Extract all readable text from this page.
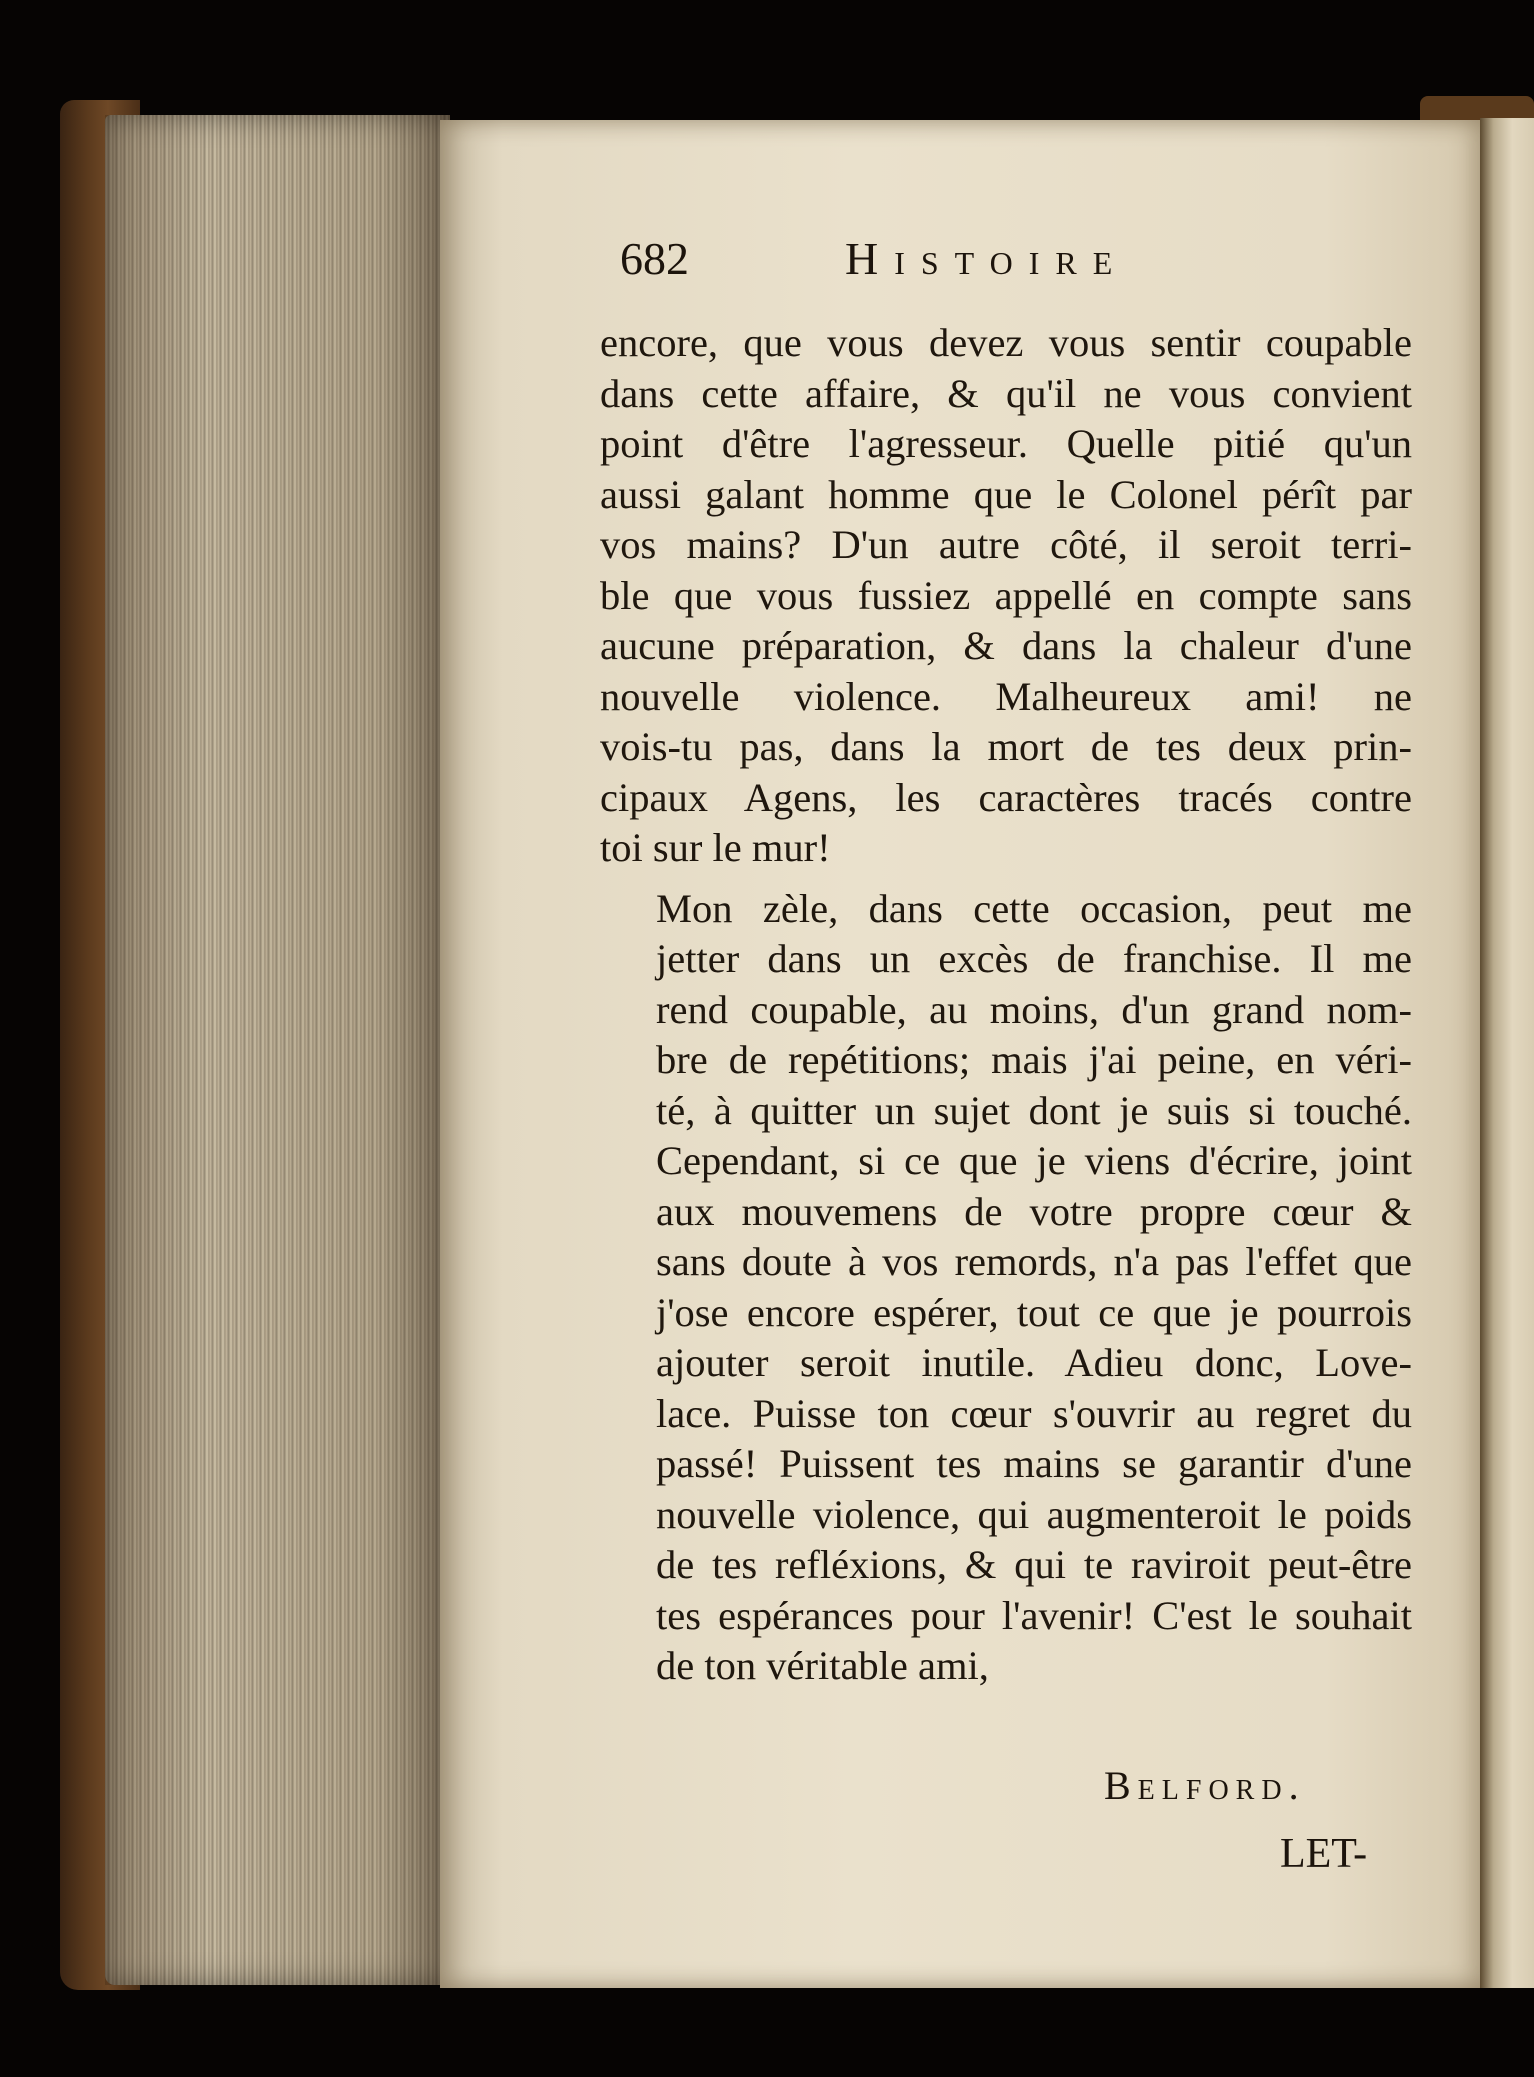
682	Histoire

encore, que vous devez vous sentir coupable
dans cette affaire, & qu'il ne vous convient
point d'être l'agresseur. Quelle pitié qu'un
aussi galant homme que le Colonel pérît par
vos mains? D'un autre côté, il seroit terri-
ble que vous fussiez appellé en compte sans
aucune préparation, & dans la chaleur d'une
nouvelle violence. Malheureux ami! ne
vois-tu pas, dans la mort de tes deux prin-
cipaux Agens, les caractères tracés contre
toi sur le mur!

Mon zèle, dans cette occasion, peut me
jetter dans un excès de franchise. Il me
rend coupable, au moins, d'un grand nom-
bre de repétitions; mais j'ai peine, en véri-
té, à quitter un sujet dont je suis si touché.
Cependant, si ce que je viens d'écrire, joint
aux mouvemens de votre propre cœur &
sans doute à vos remords, n'a pas l'effet que
j'ose encore espérer, tout ce que je pourrois
ajouter seroit inutile. Adieu donc, Love-
lace. Puisse ton cœur s'ouvrir au regret du
passé! Puissent tes mains se garantir d'une
nouvelle violence, qui augmenteroit le poids
de tes refléxions, & qui te raviroit peut-être
tes espérances pour l'avenir! C'est le souhait
de ton véritable ami,

Belford.
LET-
